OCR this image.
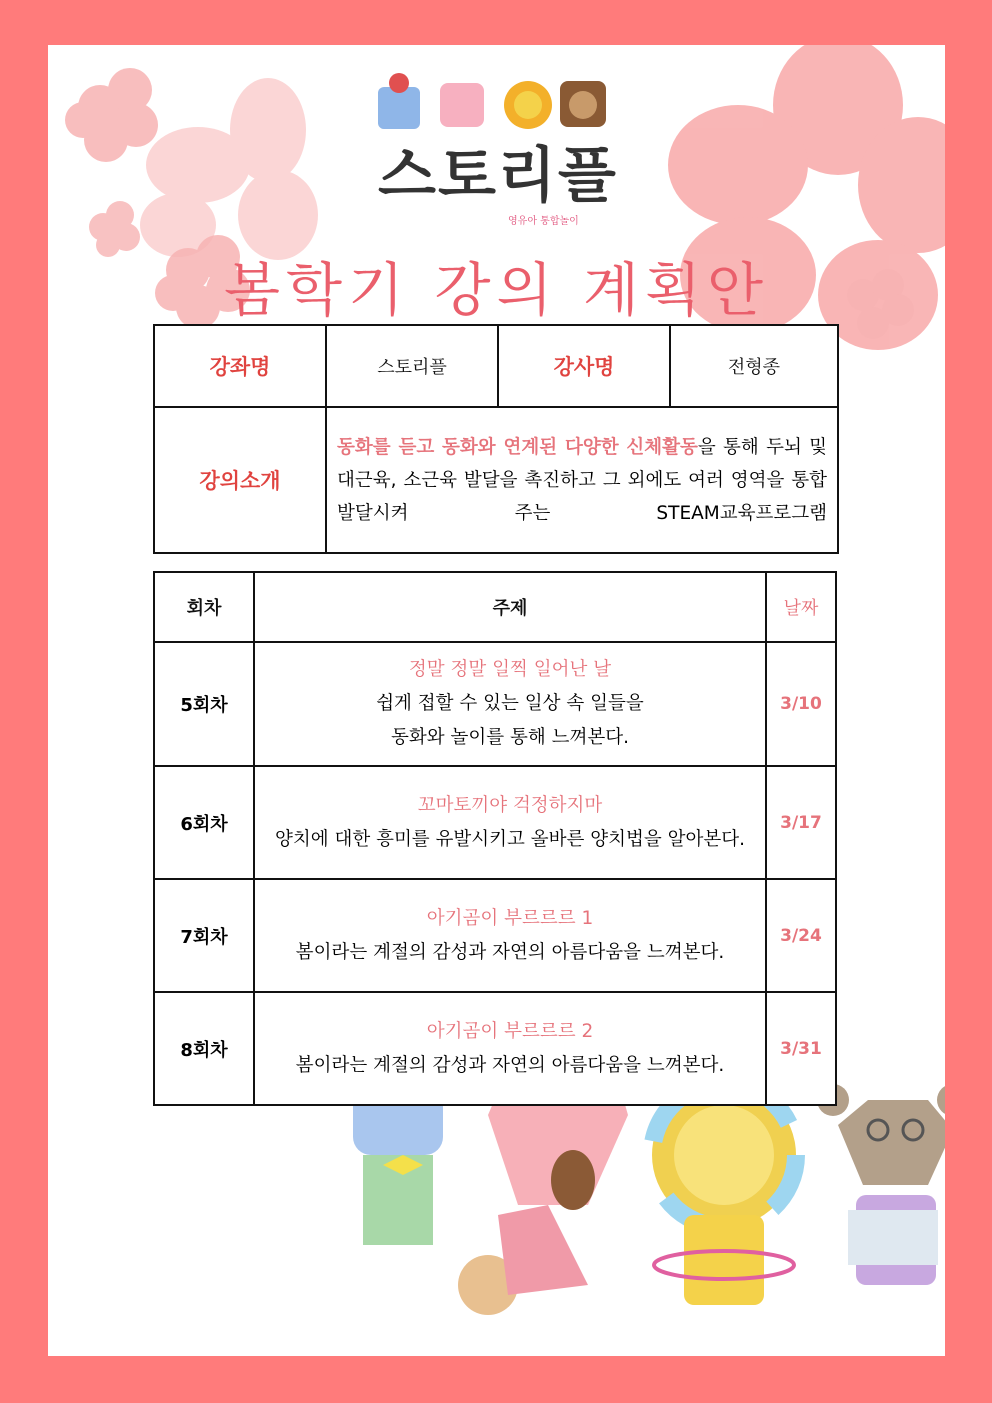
스토리플
영유아 통합놀이
봄학기 강의 계획안
강좌명	스토리플	강사명	전형종
강의소개	동화를 듣고 동화와 연계된 다양한 신체활동을 통해 두뇌 및 대근육, 소근육 발달을 촉진하고 그 외에도 여러 영역을 통합 발달시켜 주는 STEAM교육프로그램		
회차	주제	날짜
5회차	정말 정말 일찍 일어난 날
쉽게 접할 수 있는 일상 속 일들을
동화와 놀이를 통해 느껴본다.	3/10
6회차	꼬마토끼야 걱정하지마
양치에 대한 흥미를 유발시키고 올바른 양치법을 알아본다.	3/17
7회차	아기곰이 부르르르 1
봄이라는 계절의 감성과 자연의 아름다움을 느껴본다.	3/24
8회차	아기곰이 부르르르 2
봄이라는 계절의 감성과 자연의 아름다움을 느껴본다.	3/31
